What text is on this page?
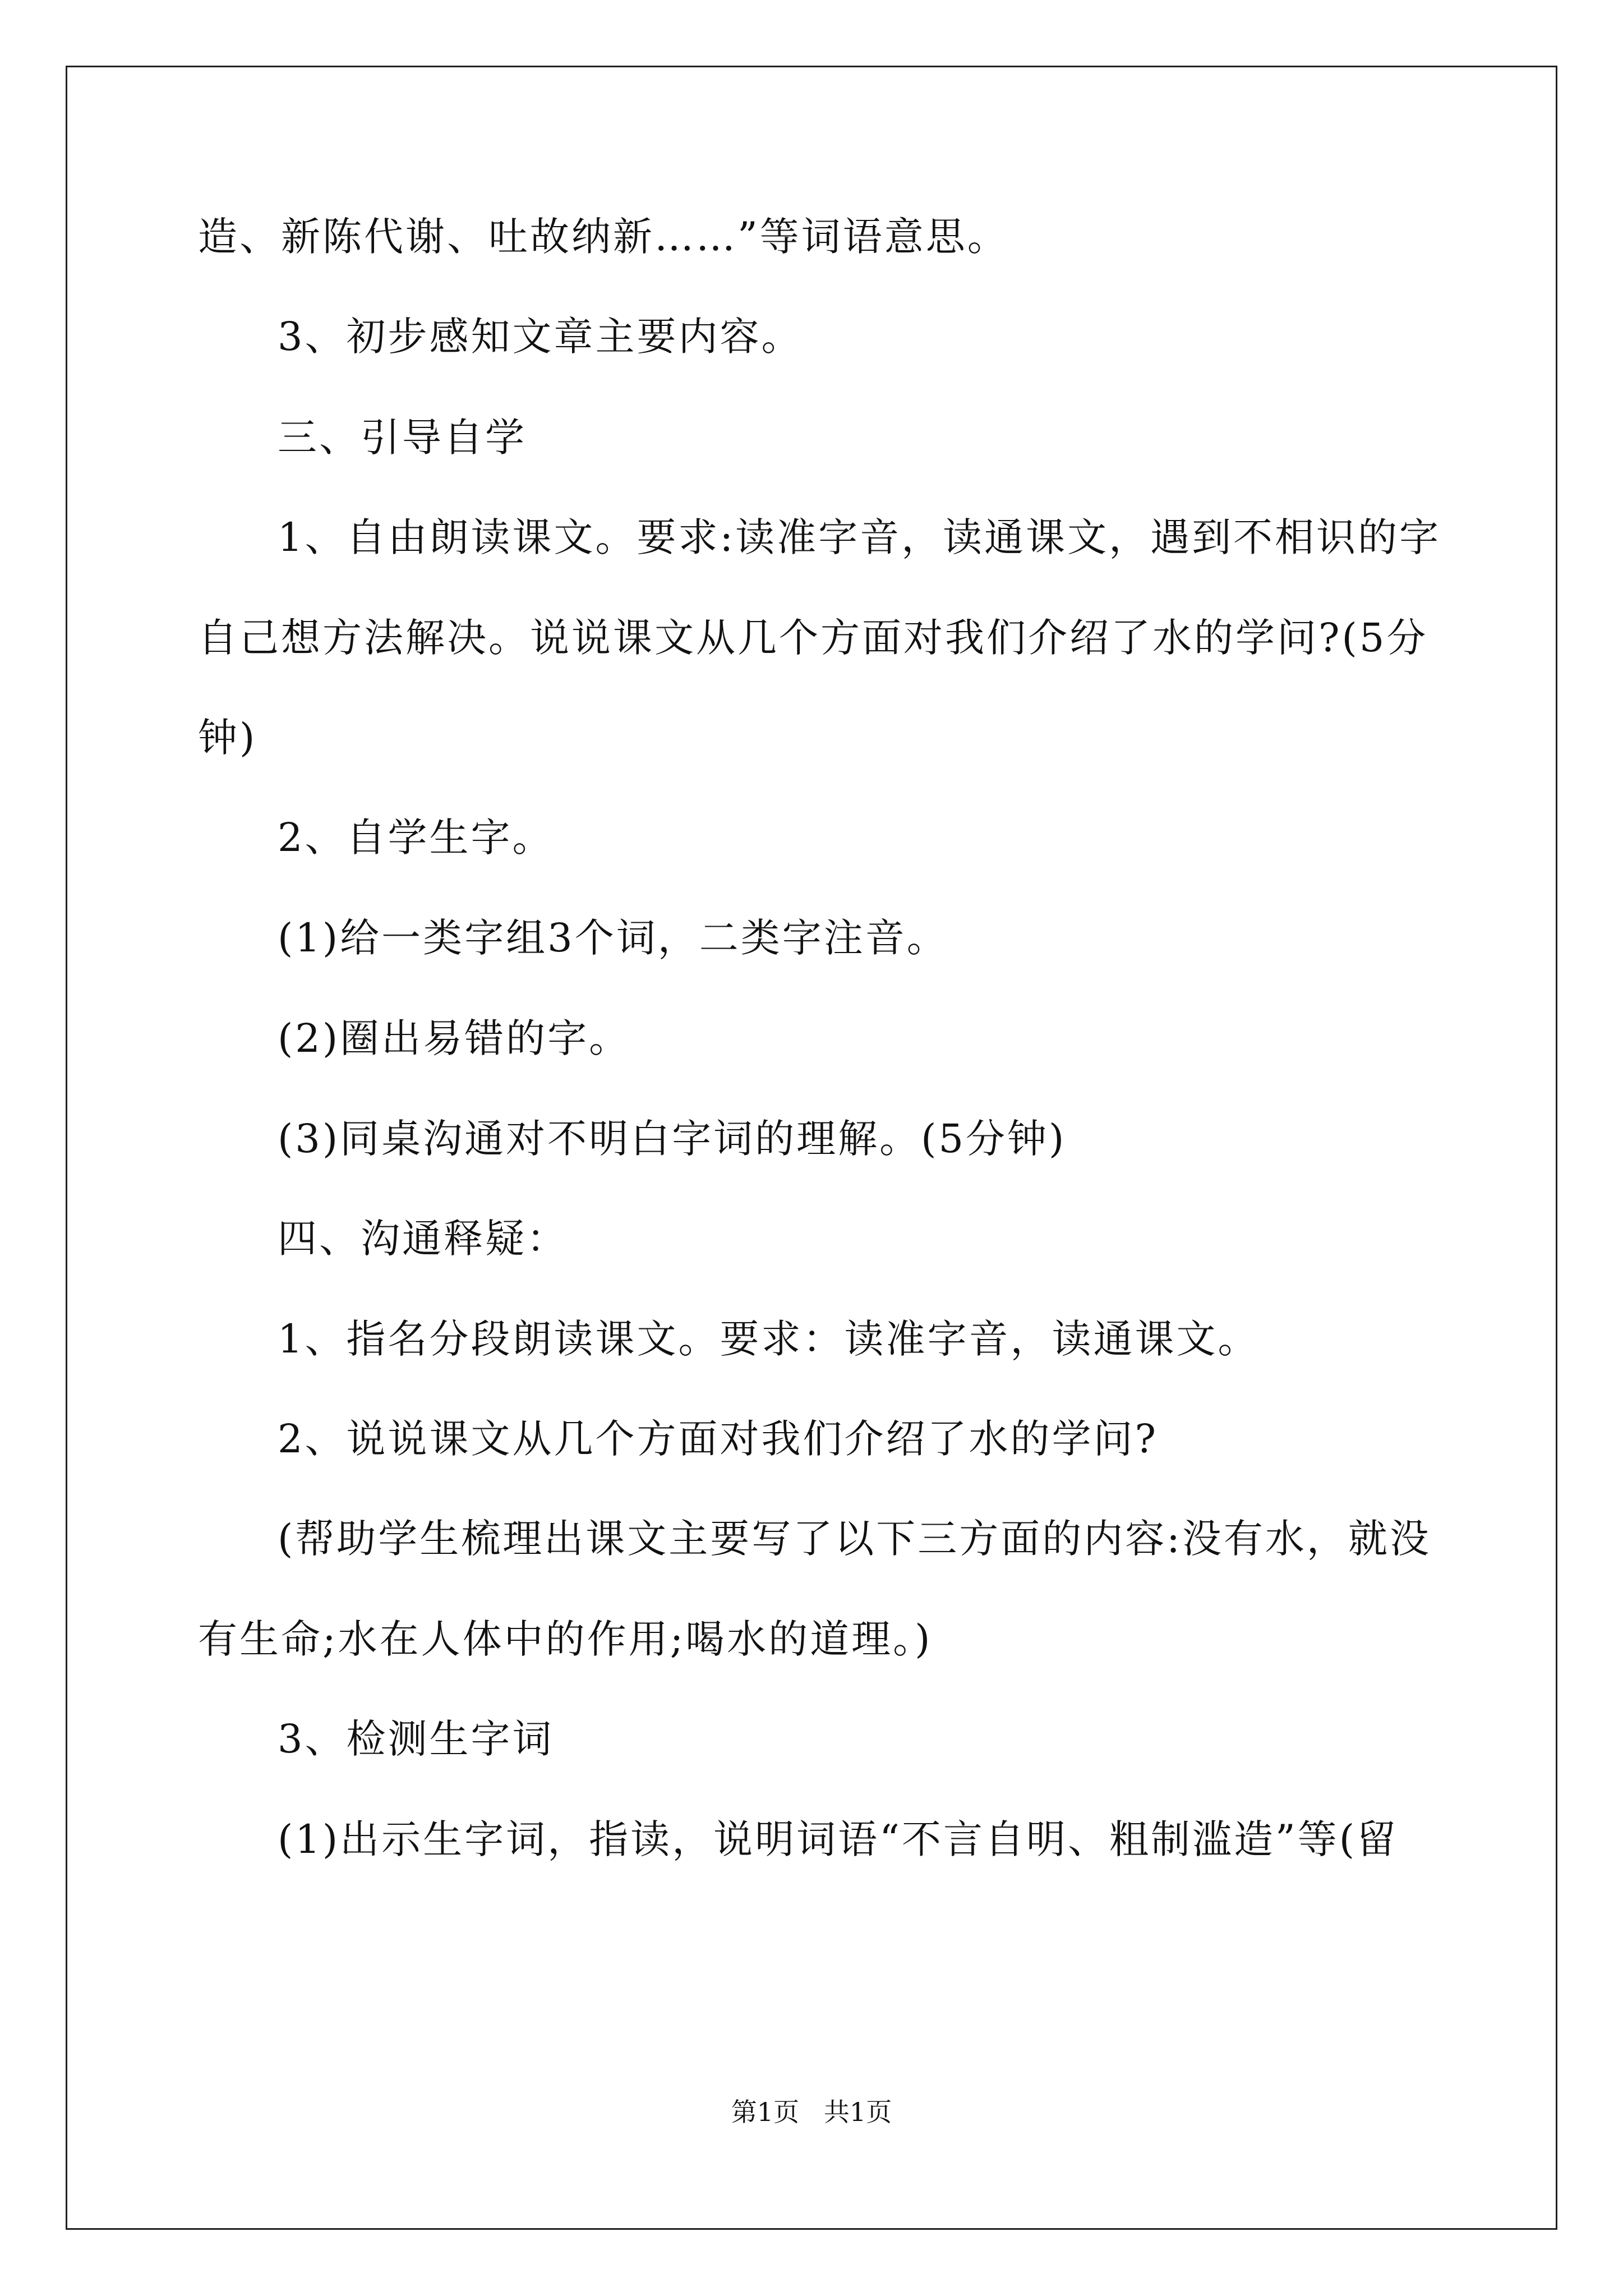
造、新陈代谢、吐故纳新……”等词语意思。
3、初步感知文章主要内容。
三、引导自学
1、自由朗读课文。要求:读准字音，读通课文，遇到不相识的字
自己想方法解决。说说课文从几个方面对我们介绍了水的学问?(5分
钟)
2、自学生字。
(1)给一类字组3个词，二类字注音。
(2)圈出易错的字。
(3)同桌沟通对不明白字词的理解。(5分钟)
四、沟通释疑：
1、指名分段朗读课文。要求：读准字音，读通课文。
2、说说课文从几个方面对我们介绍了水的学问?
(帮助学生梳理出课文主要写了以下三方面的内容:没有水，就没
有生命;水在人体中的作用;喝水的道理。)
3、检测生字词
(1)出示生字词，指读，说明词语“不言自明、粗制滥造”等(留
第1页   共1页
